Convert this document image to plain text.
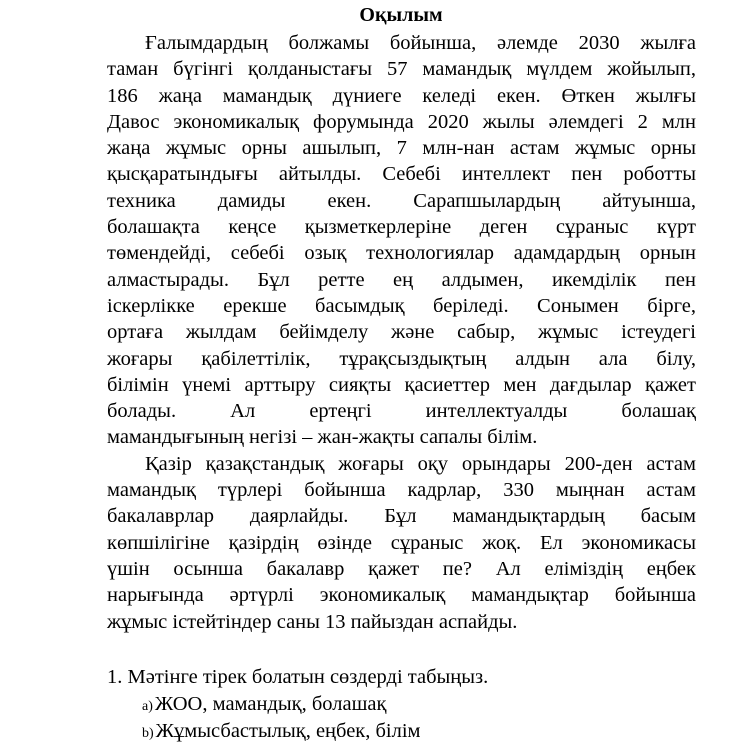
Оқылым
Ғалымдардың болжамы бойынша, әлемде 2030 жылға
таман бүгінгі қолданыстағы 57 мамандық мүлдем жойылып,
186 жаңа мамандық дүниеге келеді екен. Өткен жылғы
Давос экономикалық форумында 2020 жылы әлемдегі 2 млн
жаңа жұмыс орны ашылып, 7 млн-нан астам жұмыс орны
қысқаратындығы айтылды. Себебі интеллект пен роботты
техника дамиды екен. Сарапшылардың айтуынша,
болашақта кеңсе қызметкерлеріне деген сұраныс күрт
төмендейді, себебі озық технологиялар адамдардың орнын
алмастырады. Бұл ретте ең алдымен, икемділік пен
іскерлікке ерекше басымдық беріледі. Сонымен бірге,
ортаға жылдам бейімделу және сабыр, жұмыс істеудегі
жоғары қабілеттілік, тұрақсыздықтың алдын ала білу,
білімін үнемі арттыру сияқты қасиеттер мен дағдылар қажет
болады. Ал ертеңгі интеллектуалды болашақ
мамандығының негізі – жан-жақты сапалы білім.
Қазір қазақстандық жоғары оқу орындары 200-ден астам
мамандық түрлері бойынша кадрлар, 330 мыңнан астам
бакалаврлар даярлайды. Бұл мамандықтардың басым
көпшілігіне қазірдің өзінде сұраныс жоқ. Ел экономикасы
үшін осынша бакалавр қажет пе? Ал еліміздің еңбек
нарығында әртүрлі экономикалық мамандықтар бойынша
жұмыс істейтіндер саны 13 пайыздан аспайды.
1. Мәтінге тірек болатын сөздерді табыңыз.
a)ЖОО, мамандық, болашақ
b)Жұмысбастылық, еңбек, білім
